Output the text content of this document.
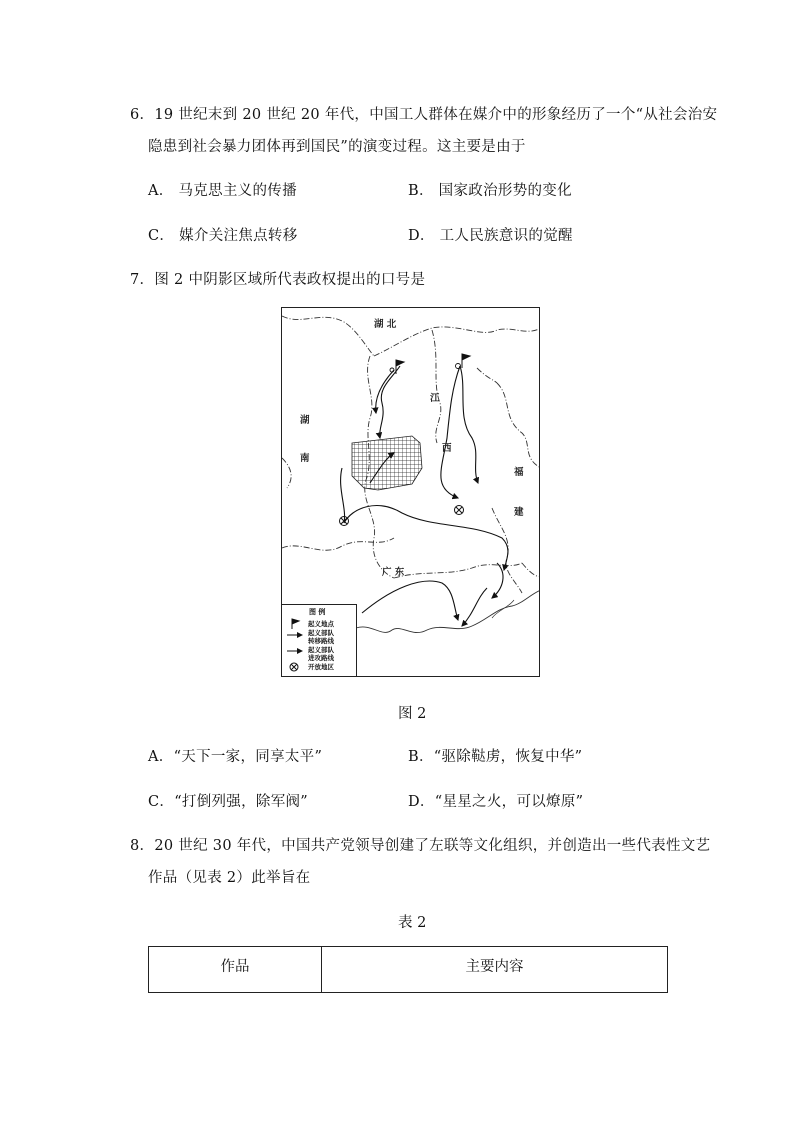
6．19 世纪末到 20 世纪 20 年代，中国工人群体在媒介中的形象经历了一个“从社会治安
隐患到社会暴力团体再到国民”的演变过程。这主要是由于
A． 马克思主义的传播	B． 国家政治形势的变化
C． 媒介关注焦点转移	D． 工人民族意识的觉醒
7．图 2 中阴影区域所代表政权提出的口号是
湖 北
江
西
湖
南
福
建
广 东
图 例
起义地点
起义部队
转移路线
起义部队
进攻路线
开放地区
图 2
A．“天下一家，同享太平”	B．“驱除鞑虏，恢复中华”
C．“打倒列强，除军阀”	D．“星星之火，可以燎原”
8．20 世纪 30 年代，中国共产党领导创建了左联等文化组织，并创造出一些代表性文艺
作品（见表 2）此举旨在
表 2
作品	主要内容
